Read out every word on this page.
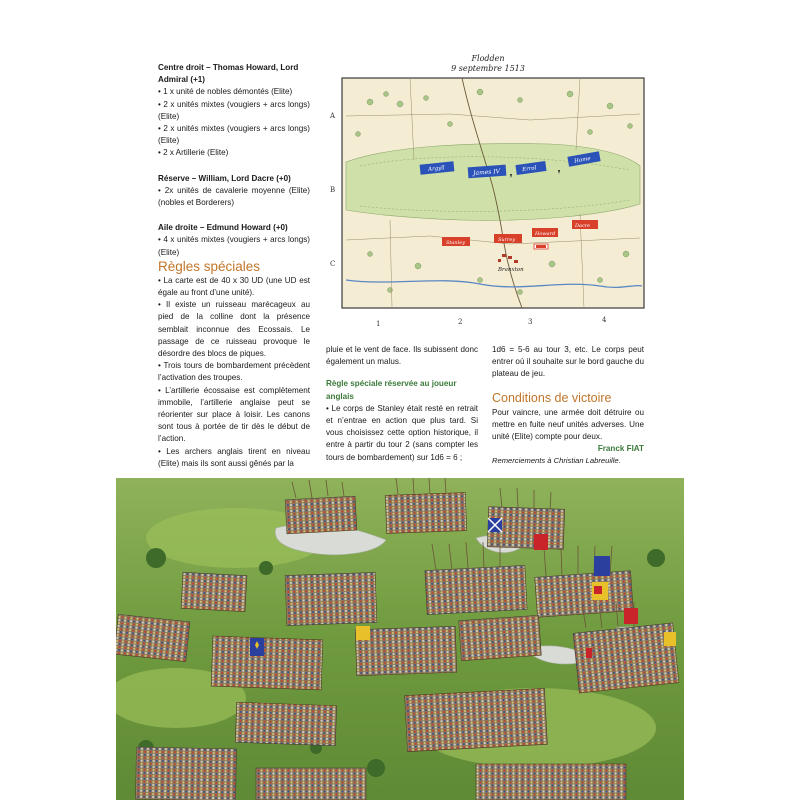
Centre droit – Thomas Howard, Lord Admiral (+1)

• 1 x unité de nobles démontés (Elite)

• 2 x unités mixtes (vougiers + arcs longs) (Elite)

• 2 x unités mixtes (vougiers + arcs longs) (Elite)

• 2 x Artillerie (Elite)

Réserve – William, Lord Dacre (+0)

• 2x unités de cavalerie moyenne (Elite) (nobles et Borderers)

Aile droite – Edmund Howard (+0)

• 4 x unités mixtes (vougiers + arcs longs) (Elite)

Règles spéciales

• La carte est de 40 x 30 UD (une UD est égale au front d’une unité).

• Il existe un ruisseau marécageux au pied de la colline dont la présence semblait inconnue des Ecossais. Le passage de ce ruisseau provoque le désordre des blocs de piques.

• Trois tours de bombardement précèdent l’activation des troupes.

• L’artillerie écossaise est complètement immobile, l’artillerie anglaise peut se réorienter sur place à loisir. Les canons sont tous à portée de tir dès le début de l’action.

• Les archers anglais tirent en niveau (Elite) mais ils sont aussi gênés par la

Flodden
9 septembre 1513
Branxton
Argyll	James IV	Errol
Home
Stanley	Surrey
Howard
Dacre
A
B
C
1	2	3	4

pluie et le vent de face. Ils subissent donc également un malus.

Règle spéciale réservée au joueur anglais

• Le corps de Stanley était resté en retrait et n’entrae en action que plus tard. Si vous choisissez cette option historique, il entre à partir du tour 2 (sans compter les tours de bombardement) sur 1d6 = 6 ;

1d6 = 5-6 au tour 3, etc. Le corps peut entrer où il souhaite sur le bord gauche du plateau de jeu.

Conditions de victoire

Pour vaincre, une armée doit détruire ou mettre en fuite neuf unités adverses. Une unité (Elite) compte pour deux.

Franck FIAT

Remerciements à Christian Labreuille.
